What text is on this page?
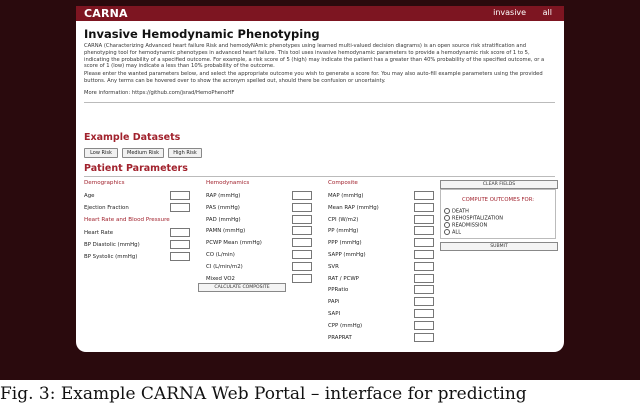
CARNA	invasive all
Invasive Hemodynamic Phenotyping

CARNA (Characterizing Advanced heart failure Risk and hemodyNAmic phenotypes using learned multi-valued decision diagrams) is an open source risk stratification and phenotyping tool for hemodynamic phenotypes in advanced heart failure. This tool uses invasive hemodynamic parameters to provide a hemodynamic risk score of 1 to 5, indicating the probability of a specified outcome. For example, a risk score of 5 (high) may indicate the patient has a greater than 40% probability of the specified outcome, or a score of 1 (low) may indicate a less than 10% probability of the outcome.

Please enter the wanted parameters below, and select the appropriate outcome you wish to generate a score for. You may also auto-fill example parameters using the provided buttons. Any terms can be hovered over to show the acronym spelled out, should there be confusion or uncertainty.

More information: https://github.com/jsrad/HemoPhenoHF

Example Datasets
Low Risk	Medium Risk	High Risk
Patient Parameters
Demographics
Age
Ejection Fraction
Heart Rate and Blood Pressure
Heart Rate
BP Diastolic (mmHg)
BP Systolic (mmHg)
Hemodynamics
RAP (mmHg)
PAS (mmHg)
PAD (mmHg)
PAMN (mmHg)
PCWP Mean (mmHg)
CO (L/min)
CI (L/min/m2)
Mixed VO2
CALCULATE COMPOSITE
Composite
MAP (mmHg)
Mean RAP (mmHg)
CPI (W/m2)
PP (mmHg)
PPP (mmHg)
SAPP (mmHg)
SVR
RAT / PCWP
PPRatio
PAPi
SAPI
CPP (mmHg)
PRAPRAT
CLEAR FIELDS
COMPUTE OUTCOMES FOR:
DEATH
REHOSPITALIZATION
READMISSION
ALL
SUBMIT
Fig. 3: Example CARNA Web Portal – interface for predicting
